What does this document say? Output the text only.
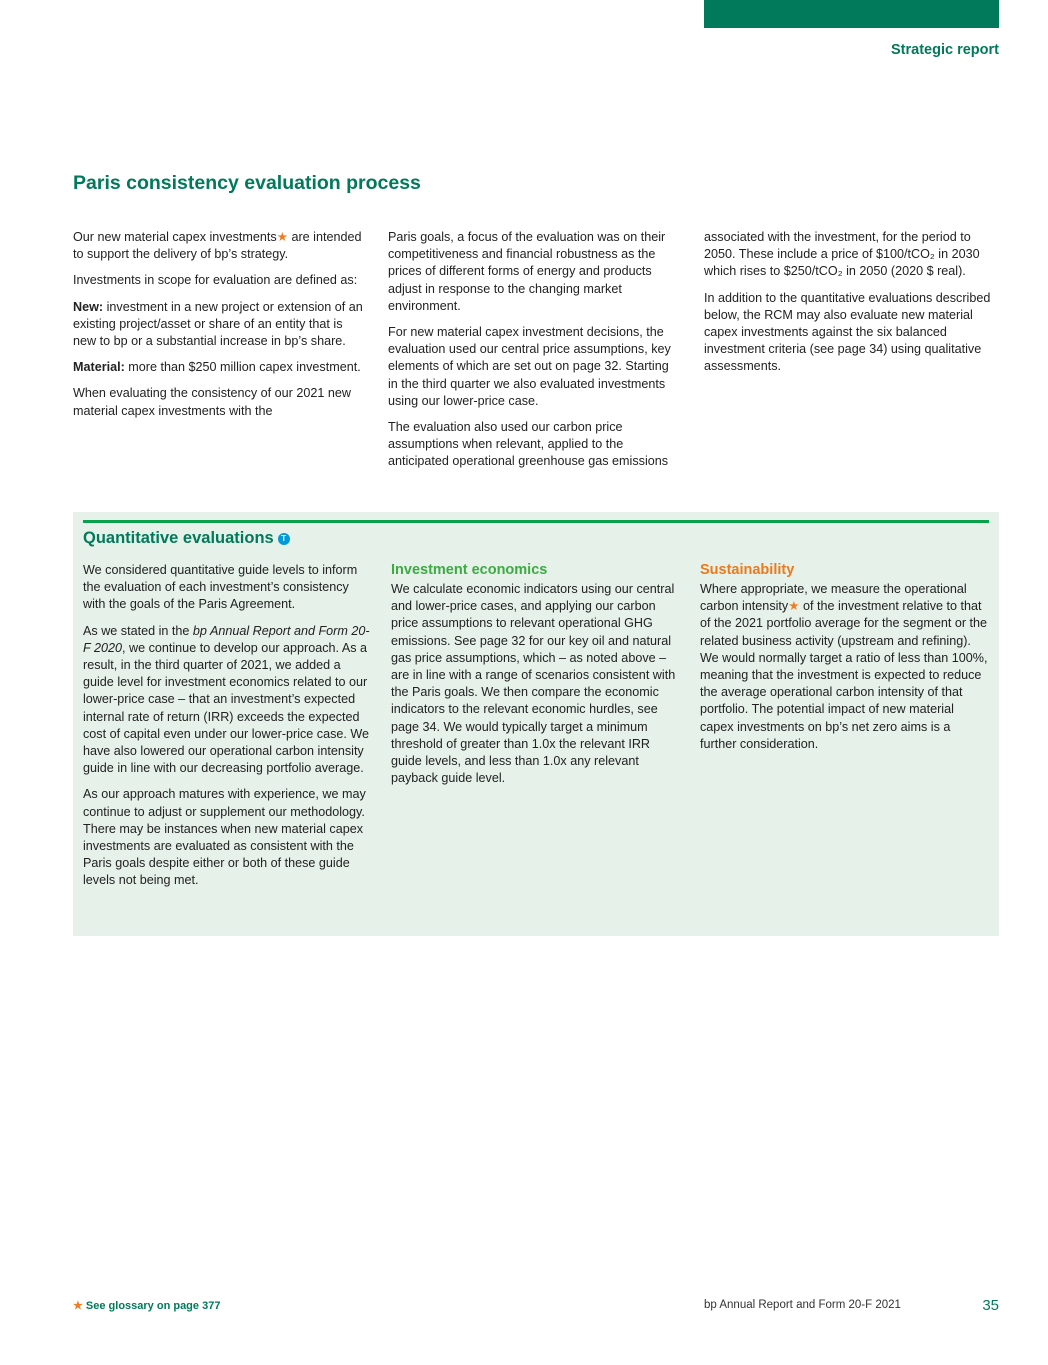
Strategic report
Paris consistency evaluation process

Our new material capex investments★ are intended to support the delivery of bp’s strategy.

Investments in scope for evaluation are defined as:

New: investment in a new project or extension of an existing project/asset or share of an entity that is new to bp or a substantial increase in bp’s share.

Material: more than $250 million capex investment.

When evaluating the consistency of our 2021 new material capex investments with the

Paris goals, a focus of the evaluation was on their competitiveness and financial robustness as the prices of different forms of energy and products adjust in response to the changing market environment.

For new material capex investment decisions, the evaluation used our central price assumptions, key elements of which are set out on page 32. Starting in the third quarter we also evaluated investments using our lower-price case.

The evaluation also used our carbon price assumptions when relevant, applied to the anticipated operational greenhouse gas emissions

associated with the investment, for the period to 2050. These include a price of $100/tCO₂ in 2030 which rises to $250/tCO₂ in 2050 (2020 $ real).

In addition to the quantitative evaluations described below, the RCM may also evaluate new material capex investments against the six balanced investment criteria (see page 34) using qualitative assessments.

Quantitative evaluations T

We considered quantitative guide levels to inform the evaluation of each investment’s consistency with the goals of the Paris Agreement.

As we stated in the bp Annual Report and Form 20-F 2020, we continue to develop our approach. As a result, in the third quarter of 2021, we added a guide level for investment economics related to our lower-price case – that an investment’s expected internal rate of return (IRR) exceeds the expected cost of capital even under our lower-price case. We have also lowered our operational carbon intensity guide in line with our decreasing portfolio average.

As our approach matures with experience, we may continue to adjust or supplement our methodology. There may be instances when new material capex investments are evaluated as consistent with the Paris goals despite either or both of these guide levels not being met.

Investment economics

We calculate economic indicators using our central and lower-price cases, and applying our carbon price assumptions to relevant operational GHG emissions. See page 32 for our key oil and natural gas price assumptions, which – as noted above – are in line with a range of scenarios consistent with the Paris goals. We then compare the economic indicators to the relevant economic hurdles, see page 34. We would typically target a minimum threshold of greater than 1.0x the relevant IRR guide levels, and less than 1.0x any relevant payback guide level.

Sustainability

Where appropriate, we measure the operational carbon intensity★ of the investment relative to that of the 2021 portfolio average for the segment or the related business activity (upstream and refining). We would normally target a ratio of less than 100%, meaning that the investment is expected to reduce the average operational carbon intensity of that portfolio. The potential impact of new material capex investments on bp’s net zero aims is a further consideration.

★ See glossary on page 377	bp Annual Report and Form 20-F 2021	35
